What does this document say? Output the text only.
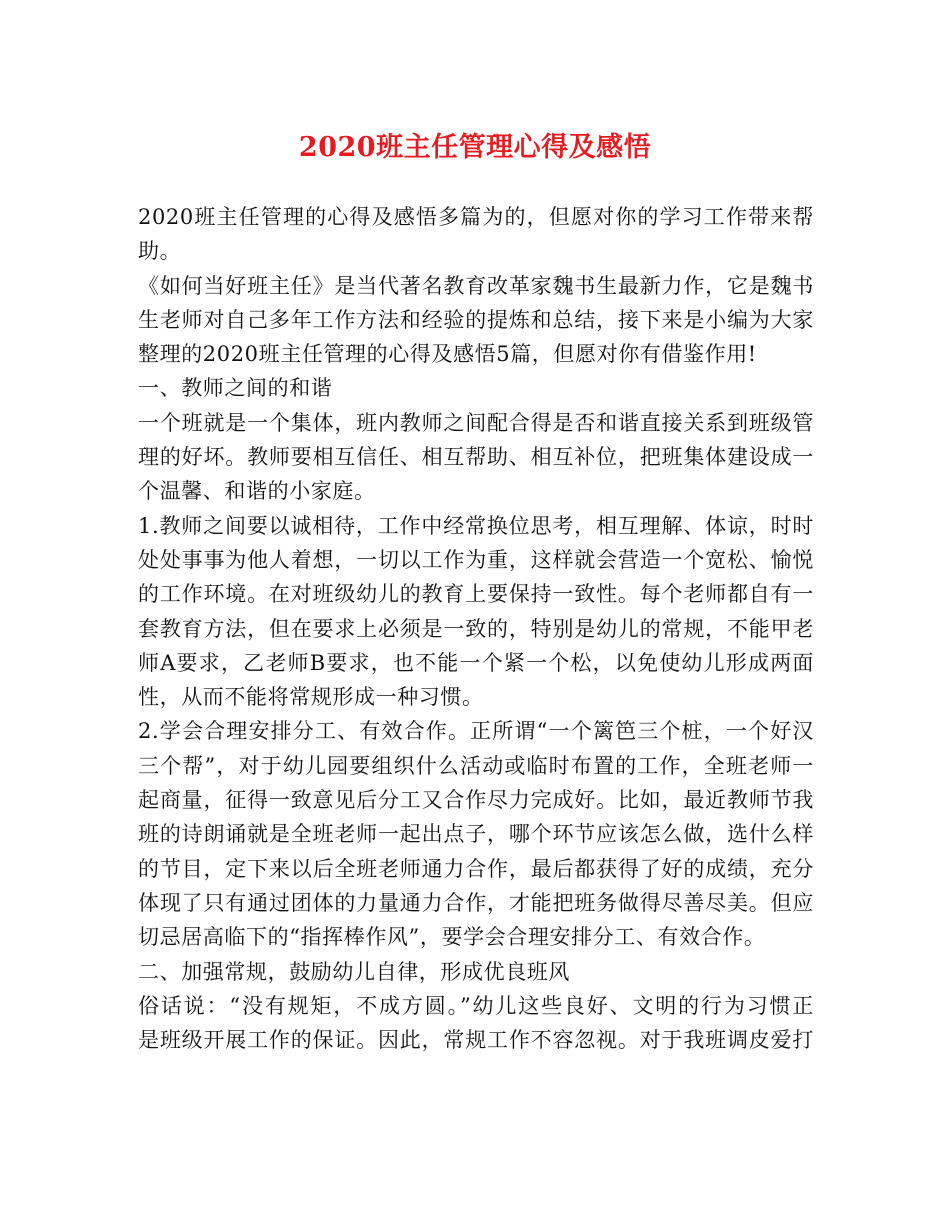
2020班主任管理心得及感悟
2020班主任管理的心得及感悟多篇为的，但愿对你的学习工作带来帮
助。
《如何当好班主任》是当代著名教育改革家魏书生最新力作，它是魏书
生老师对自己多年工作方法和经验的提炼和总结，接下来是小编为大家
整理的2020班主任管理的心得及感悟5篇，但愿对你有借鉴作用!
一、教师之间的和谐
一个班就是一个集体，班内教师之间配合得是否和谐直接关系到班级管
理的好坏。教师要相互信任、相互帮助、相互补位，把班集体建设成一
个温馨、和谐的小家庭。
1.教师之间要以诚相待，工作中经常换位思考，相互理解、体谅，时时
处处事事为他人着想，一切以工作为重，这样就会营造一个宽松、愉悦
的工作环境。在对班级幼儿的教育上要保持一致性。每个老师都自有一
套教育方法，但在要求上必须是一致的，特别是幼儿的常规，不能甲老
师A要求，乙老师B要求，也不能一个紧一个松，以免使幼儿形成两面
性，从而不能将常规形成一种习惯。
2.学会合理安排分工、有效合作。正所谓“一个篱笆三个桩，一个好汉
三个帮”，对于幼儿园要组织什么活动或临时布置的工作，全班老师一
起商量，征得一致意见后分工又合作尽力完成好。比如，最近教师节我
班的诗朗诵就是全班老师一起出点子，哪个环节应该怎么做，选什么样
的节目，定下来以后全班老师通力合作，最后都获得了好的成绩，充分
体现了只有通过团体的力量通力合作，才能把班务做得尽善尽美。但应
切忌居高临下的“指挥棒作风”，要学会合理安排分工、有效合作。
二、加强常规，鼓励幼儿自律，形成优良班风
俗话说：“没有规矩，不成方圆。”幼儿这些良好、文明的行为习惯正
是班级开展工作的保证。因此，常规工作不容忽视。对于我班调皮爱打
